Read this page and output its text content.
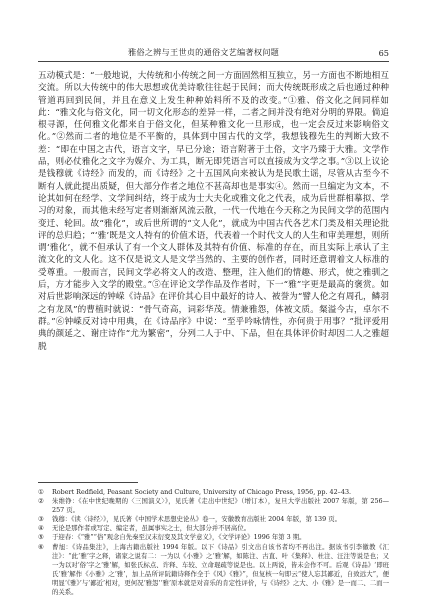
雅俗之辨与王世贞的通俗文艺编著权问题	65

五动模式是：“一般地说，大传统和小传统之间一方面固然相互独立，另一方面也不断地相互交流。所以大传统中的伟大思想或优美诗歌往往起于民间；而大传统既形成之后也通过种种管道再回到民间，并且在意义上发生种种始料所不及的改变。”①雅、俗文化之间同样如此：“雅文化与俗文化，同一切文化形态的差异一样，二者之间并没有绝对分明的界限。倘追根寻源，任何雅文化都来自于俗文化，但某种雅文化一旦形成，也一定会反过来影响俗文化。”②然而二者的地位是不平衡的，具体到中国古代的文学，我想钱穆先生的判断大致不差：“即在中国之古代，语言文字，早已分途；语言附著于土俗，文字乃臻于大雅。文学作品，则必仗雅化之文字为媒介、为工具，断无即凭语言可以直接成为文学之事。”③以上议论是钱穆就《诗经》而发的，而《诗经》之十五国风向来被认为是民歌土谣，尽管从古至今不断有人就此提出质疑，但大部分作者之地位不甚高却也是事实④。然而一旦编定为文本，不论其如何在经学、文学间纠结，终于成为士大夫化或雅文化之代表，成为后世群相摹拟、学习的对象，而其他未经写定者则渐渐风流云散，一代一代地在今天称之为民间文学的范围内变迁、轮回。故“雅化”，或后世所谓的“文人化”，就成为中国古代各艺术门类及相关理论批评的总归趋；“‘雅’既是文人特有的价值术语，代表着一个时代文人的人生和审美理想，则所谓‘雅化’，就不但承认了有一个文人群体及其特有价值、标准的存在，而且实际上承认了主流文化的文人化。这不仅是说文人是文学当然的、主要的创作者，同时还意谓着文人标准的受尊重。一般而言，民间文学必将文人的改造、整理，注入他们的情趣、形式，使之雅驯之后，方才能步入文学的殿堂。”⑤在评论文学作品及作者时，下一“雅”字更是最高的褒赏。如对后世影响深远的钟嵘《诗品》在评价其心目中最好的诗人、被誉为“譬人伦之有周孔，鳞羽之有龙凤”的曹植时就说：“骨气奇高，词彩华茂。情兼雅怨，体被文质。粲溢今古，卓尔不群。”⑥钟嵘反对诗中用典，在《诗品序》中说：“至乎吟咏情性，亦何贵于用事？”批评爱用典的颜延之、谢庄诗作“尤为繁密”，分列二人于中、下品，但在具体评价时却因二人之雅超脱

①	Robert Redfield, Peasant Society and Culture, University of Chicago Press, 1956, pp. 42–43.
②	朱维铮：《在中世纪晚期的〈三国演义〉》，见氏著《走出中世纪》（增订本），复旦大学出版社 2007 年版，第 256—257 页。
③	钱穆：《读〈诗经〉》，见氏著《中国学术思想史论丛》卷一，安徽教育出版社 2004 年版，第 139 页。
④	无论是那作者或写定、编定者，虽属事实之士，但大部分并不居高位。
⑤	于迎春：《“雅”“俗”观念自先秦至汉末衍变及其文学意义》，《文学评论》1996 年第 3 期。
⑥	曹旭：《诗品集注》，上海古籍出版社 1994 年版。以下《诗品》引文出自该书者均不再出注。据该书引李徽教《汇注》：“此‘雅’字之释，诸家之说有二：一为以《小雅》之‘雅’解，如陈注、古直、叶《集释》、杜注、汪注等说是也；又一为以对‘俗’字之‘雅’解，如张氏标点、许释、车较、立命琨疏等说是也。以上两说，皆未会作不可。后观《诗品》‘即班氏‘雅’解作《小雅》之‘雅’，加上品所评阮籍诗释作全于《风》《雅》”，但复核一句即云“使人忘其鄙近，自致远大”，便明显‘《雅》’与‘鄙近’相对，更何况‘雅怨’‘雅’原本就是对音乐的肯定性评价，与《诗经》之大、小《雅》是一而二、二而一的关系。
